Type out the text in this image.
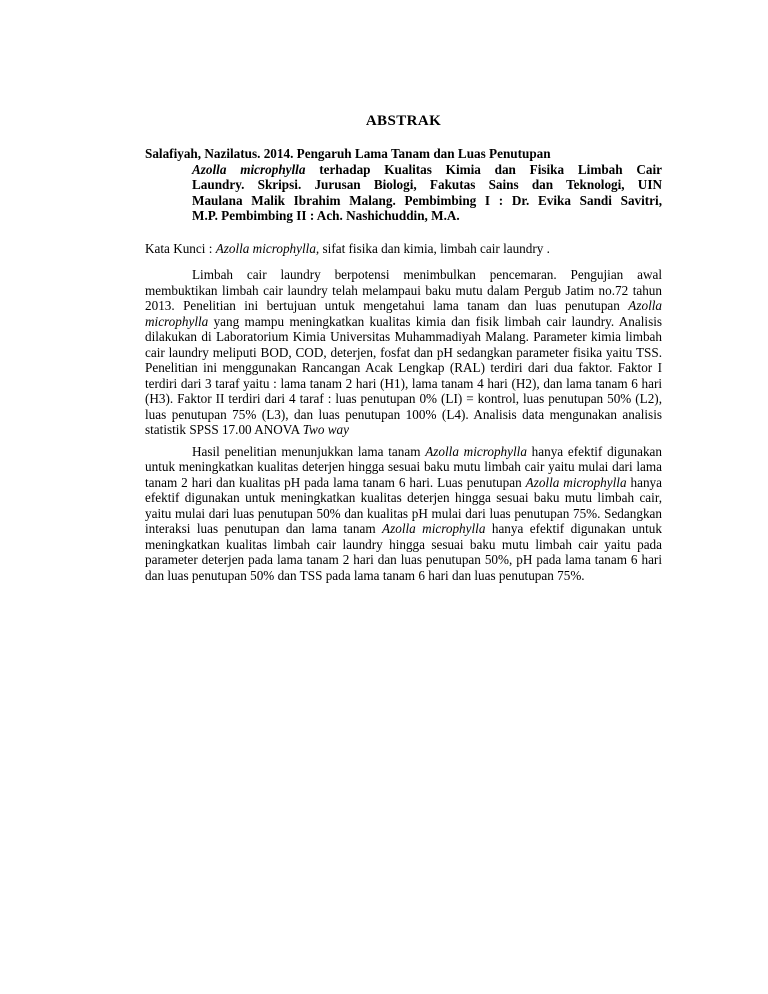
ABSTRAK
Salafiyah, Nazilatus. 2014. Pengaruh Lama Tanam dan Luas Penutupan
Azolla microphylla terhadap Kualitas Kimia dan Fisika Limbah Cair
Laundry. Skripsi. Jurusan Biologi, Fakutas Sains dan Teknologi, UIN
Maulana Malik Ibrahim Malang. Pembimbing I : Dr. Evika Sandi Savitri,
M.P. Pembimbing II : Ach. Nashichuddin, M.A.

Kata Kunci : Azolla microphylla, sifat fisika dan kimia, limbah cair laundry .

Limbah cair laundry berpotensi menimbulkan pencemaran. Pengujian awal membuktikan limbah cair laundry telah melampaui baku mutu dalam Pergub Jatim no.72 tahun 2013. Penelitian ini bertujuan untuk mengetahui lama tanam dan luas penutupan Azolla microphylla yang mampu meningkatkan kualitas kimia dan fisik limbah cair laundry. Analisis dilakukan di Laboratorium Kimia Universitas Muhammadiyah Malang. Parameter kimia limbah cair laundry meliputi BOD, COD, deterjen, fosfat dan pH sedangkan parameter fisika yaitu TSS. Penelitian ini menggunakan Rancangan Acak Lengkap (RAL) terdiri dari dua faktor. Faktor I terdiri dari 3 taraf yaitu : lama tanam 2 hari (H1), lama tanam 4 hari (H2), dan lama tanam 6 hari (H3). Faktor II terdiri dari 4 taraf : luas penutupan 0% (LI) = kontrol, luas penutupan 50% (L2), luas penutupan 75% (L3), dan luas penutupan 100% (L4). Analisis data mengunakan analisis statistik SPSS 17.00 ANOVA Two way

Hasil penelitian menunjukkan lama tanam Azolla microphylla hanya efektif digunakan untuk meningkatkan kualitas deterjen hingga sesuai baku mutu limbah cair yaitu mulai dari lama tanam 2 hari dan kualitas pH pada lama tanam 6 hari. Luas penutupan Azolla microphylla hanya efektif digunakan untuk meningkatkan kualitas deterjen hingga sesuai baku mutu limbah cair, yaitu mulai dari luas penutupan 50% dan kualitas pH mulai dari luas penutupan 75%. Sedangkan interaksi luas penutupan dan lama tanam Azolla microphylla hanya efektif digunakan untuk meningkatkan kualitas limbah cair laundry hingga sesuai baku mutu limbah cair yaitu pada parameter deterjen pada lama tanam 2 hari dan luas penutupan 50%, pH pada lama tanam 6 hari dan luas penutupan 50% dan TSS pada lama tanam 6 hari dan luas penutupan 75%.
